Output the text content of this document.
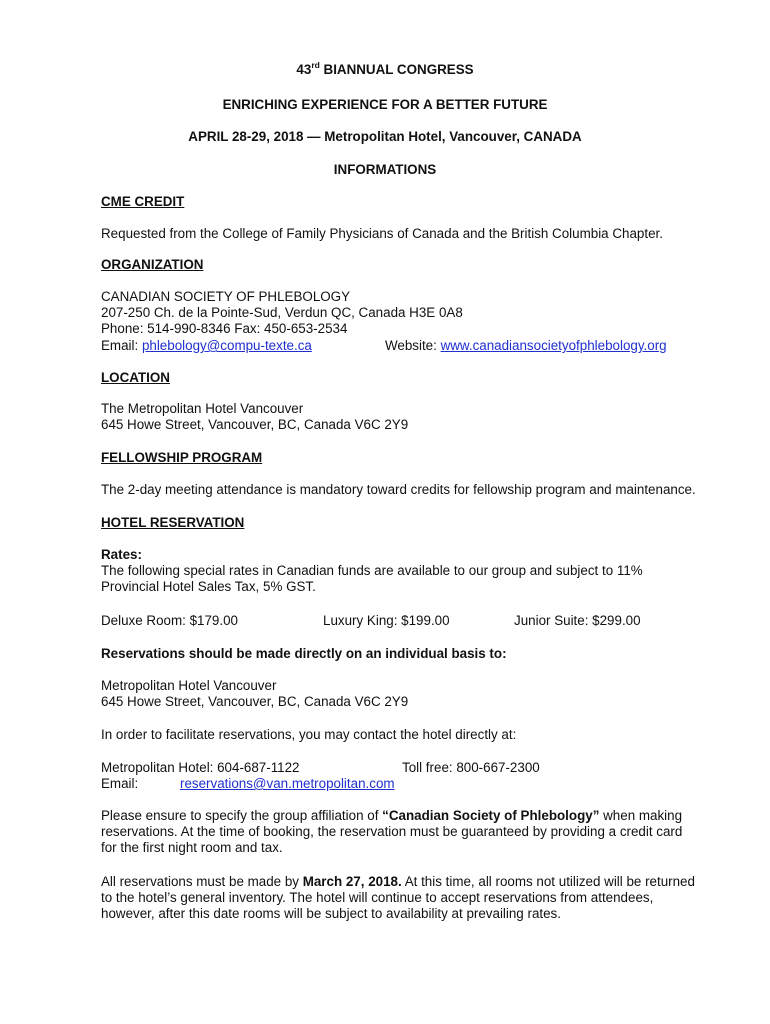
43rd BIANNUAL CONGRESS
ENRICHING EXPERIENCE FOR A BETTER FUTURE
APRIL 28-29, 2018 — Metropolitan Hotel, Vancouver, CANADA
INFORMATIONS
CME CREDIT
Requested from the College of Family Physicians of Canada and the British Columbia Chapter.
ORGANIZATION
CANADIAN SOCIETY OF PHLEBOLOGY
207-250 Ch. de la Pointe-Sud, Verdun QC, Canada H3E 0A8
Phone: 514-990-8346 Fax: 450-653-2534
Email: phlebology@compu-texte.ca	Website: www.canadiansocietyofphlebology.org
LOCATION
The Metropolitan Hotel Vancouver
645 Howe Street, Vancouver, BC, Canada V6C 2Y9
FELLOWSHIP PROGRAM
The 2-day meeting attendance is mandatory toward credits for fellowship program and maintenance.
HOTEL RESERVATION
Rates:
The following special rates in Canadian funds are available to our group and subject to 11%
Provincial Hotel Sales Tax, 5% GST.
Deluxe Room: $179.00	Luxury King: $199.00	Junior Suite: $299.00
Reservations should be made directly on an individual basis to:
Metropolitan Hotel Vancouver
645 Howe Street, Vancouver, BC, Canada V6C 2Y9
In order to facilitate reservations, you may contact the hotel directly at:
Metropolitan Hotel: 604-687-1122	Toll free: 800-667-2300
Email:	reservations@van.metropolitan.com
Please ensure to specify the group affiliation of “Canadian Society of Phlebology” when making
reservations. At the time of booking, the reservation must be guaranteed by providing a credit card
for the first night room and tax.
All reservations must be made by March 27, 2018. At this time, all rooms not utilized will be returned
to the hotel’s general inventory. The hotel will continue to accept reservations from attendees,
however, after this date rooms will be subject to availability at prevailing rates.
